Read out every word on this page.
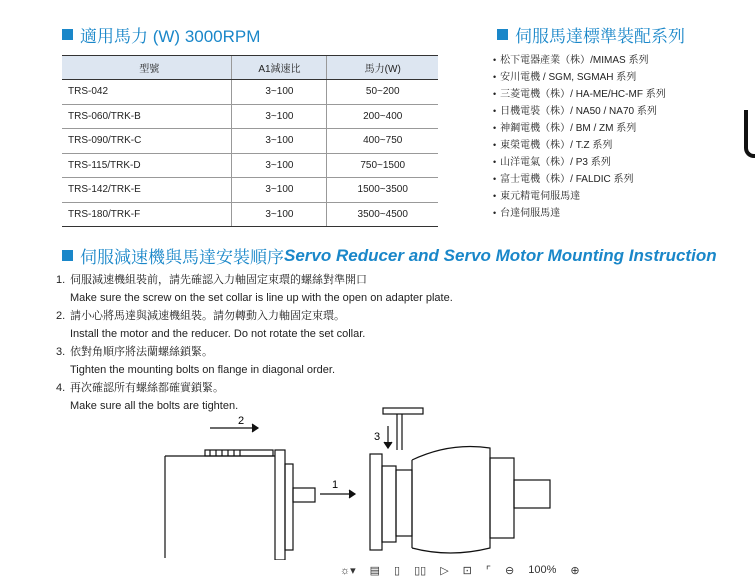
適用馬力 (W) 3000RPM	伺服馬達標準裝配系列
型號	A1減速比	馬力(W)
TRS-042	3~100	50~200
TRS-060/TRK-B	3~100	200~400
TRS-090/TRK-C	3~100	400~750
TRS-115/TRK-D	3~100	750~1500
TRS-142/TRK-E	3~100	1500~3500
TRS-180/TRK-F	3~100	3500~4500
• 松下電器產業（株）/MIMAS 系列
• 安川電機 / SGM, SGMAH 系列
• 三菱電機（株）/ HA-ME/HC-MF 系列
• 日機電裝（株）/ NA50 / NA70 系列
• 神鋼電機（株）/ BM / ZM 系列
• 東榮電機（株）/ T.Z 系列
• 山洋電氣（株）/ P3 系列
• 富士電機（株）/ FALDIC 系列
• 東元精電伺服馬達
• 台達伺服馬達
伺服減速機與馬達安裝順序 Servo Reducer and Servo Motor Mounting Instruction
1. 伺服減速機組裝前，請先確認入力軸固定束環的螺絲對準開口
Make sure the screw on the set collar is line up with the open on adapter plate.
2. 請小心將馬達與減速機組裝。請勿轉動入力軸固定束環。
Install the motor and the reducer. Do not rotate the set collar.
3. 依對角順序將法蘭螺絲鎖緊。
Tighten the mounting bolts on flange in diagonal order.
4. 再次確認所有螺絲都確實鎖緊。
Make sure all the bolts are tighten.
2
3
1
☼▾ ▤ ▯ ▯▯ ▷ ⊡ ⌜ ⊖ 100% ⊕
